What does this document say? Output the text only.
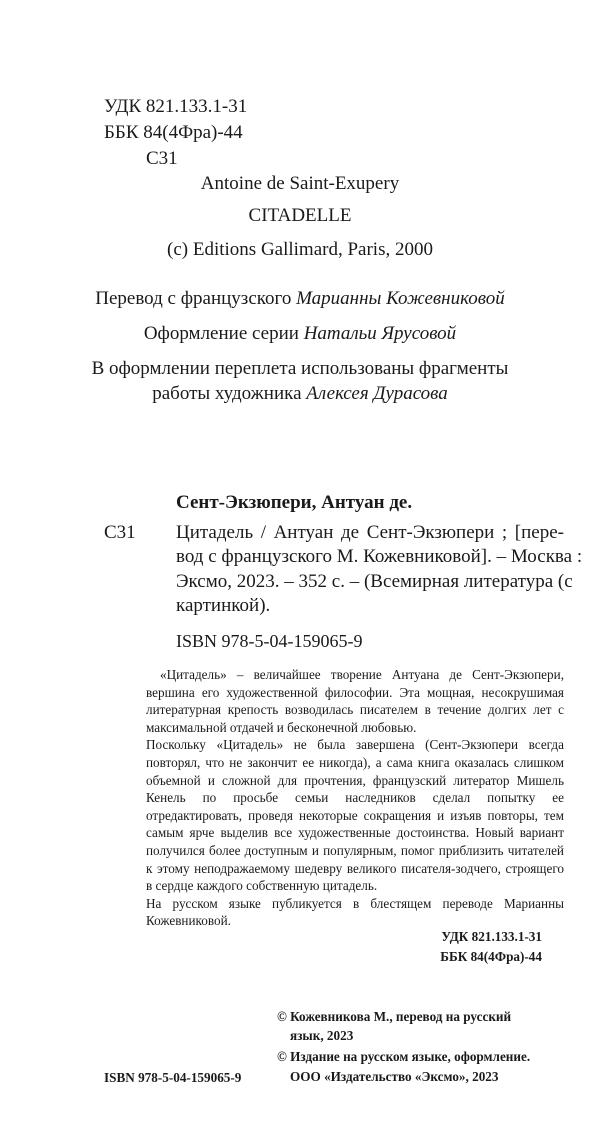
УДК 821.133.1-31
ББК 84(4Фра)-44
С31
Antoine de Saint-Exupery
CITADELLE
(c) Editions Gallimard, Paris, 2000
Перевод с французского Марианны Кожевниковой
Оформление серии Натальи Ярусовой
В оформлении переплета использованы фрагменты
работы художника Алексея Дурасова
Сент-Экзюпери, Антуан де.
С31 Цитадель / Антуан де Сент-Экзюпери ; [пере-
вод с французского М. Кожевниковой]. – Москва :
Эксмо, 2023. – 352 с. – (Всемирная литература (с
картинкой).
ISBN 978-5-04-159065-9

«Цитадель» – величайшее творение Антуана де Сент-Экзюпери, вершина его художественной философии. Эта мощная, несокрушимая литературная крепость возводилась писателем в течение долгих лет с максимальной отдачей и бесконечной любовью.

Поскольку «Цитадель» не была завершена (Сент-Экзюпери всегда повторял, что не закончит ее никогда), а сама книга оказалась слишком объемной и сложной для прочтения, французский литератор Мишель Кенель по просьбе семьи наследников сделал попытку ее отредактировать, проведя некоторые сокращения и изъяв повторы, тем самым ярче выделив все художественные достоинства. Новый вариант получился более доступным и популярным, помог приблизить читателей к этому неподражаемому шедевру великого писателя-зодчего, строящего в сердце каждого собственную цитадель.

На русском языке публикуется в блестящем переводе Марианны Кожевниковой.

УДК 821.133.1-31
ББК 84(4Фра)-44
ISBN 978-5-04-159065-9
© Кожевникова М., перевод на русский
язык, 2023
© Издание на русском языке, оформление.
ООО «Издательство «Эксмо», 2023
